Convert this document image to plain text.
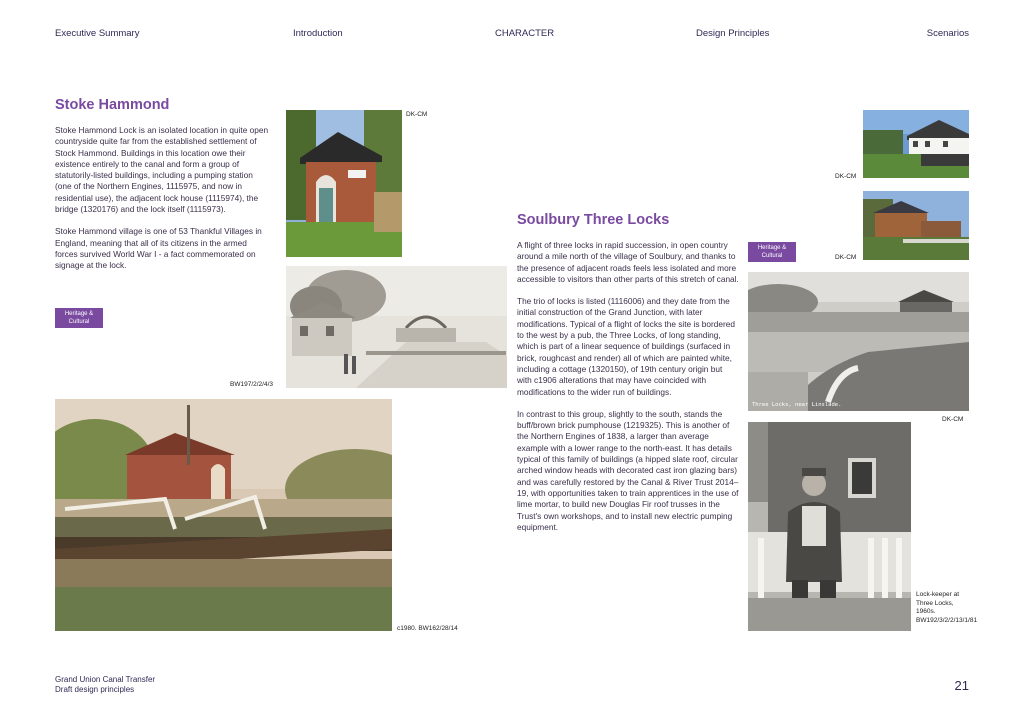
Executive Summary	Introduction	CHARACTER	Design Principles	Scenarios
Stoke Hammond

Stoke Hammond Lock is an isolated location in quite open countryside quite far from the established settlement of Stock Hammond. Buildings in this location owe their existence entirely to the canal and form a group of statutorily-listed buildings, including a pumping station (one of the Northern Engines, 1115975, and now in residential use), the adjacent lock house (1115974), the bridge (1320176) and the lock itself (1115973).

Stoke Hammond village is one of 53 Thankful Villages in England, meaning that all of its citizens in the armed forces survived World War I - a fact commemorated on signage at the lock.

Heritage & Cultural
DK-CM
BW197/2/2/4/3
c1980. BW162/28/14
Soulbury Three Locks

A flight of three locks in rapid succession, in open country around a mile north of the village of Soulbury, and thanks to the presence of adjacent roads feels less isolated and more accessible to visitors than other parts of this stretch of canal.

The trio of locks is listed (1116006) and they date from the initial construction of the Grand Junction, with later modifications. Typical of a flight of locks the site is bordered to the west by a pub, the Three Locks, of long standing, which is part of a linear sequence of buildings (surfaced in brick, roughcast and render) all of which are painted white, including a cottage (1320150), of 19th century origin but with c1906 alterations that may have coincided with modifications to the wider run of buildings.

In contrast to this group, slightly to the south, stands the buff/brown brick pumphouse (1219325). This is another of the Northern Engines of 1838, a larger than average example with a lower range to the north-east. It has details typical of this family of buildings (a hipped slate roof, circular arched window heads with decorated cast iron glazing bars) and was carefully restored by the Canal & River Trust 2014–19, with opportunities taken to train apprentices in the use of lime mortar, to build new Douglas Fir roof trusses in the Trust's own workshops, and to install new electric pumping equipment.

Heritage & Cultural
DK-CM
DK-CM
Three Locks, near Linslade.
DK-CM
Lock-keeper at Three Locks, 1960s. BW192/3/2/2/13/1/81
Grand Union Canal Transfer
Draft design principles	21
